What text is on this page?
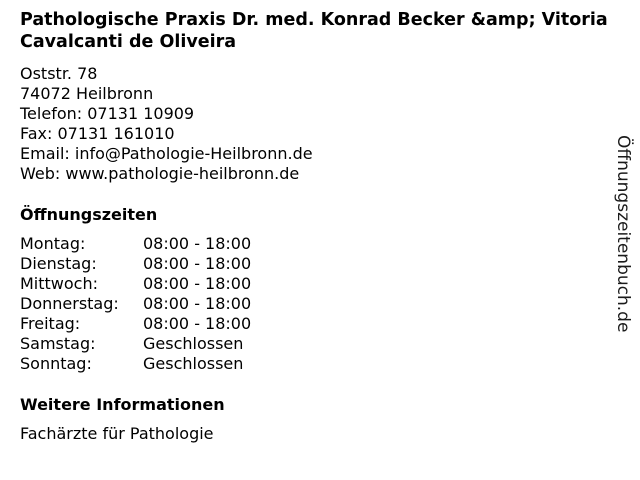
Pathologische Praxis Dr. med. Konrad Becker &amp; Vitoria Cavalcanti de Oliveira
Oststr. 78
74072 Heilbronn
Telefon: 07131 10909
Fax: 07131 161010
Email: info@Pathologie-Heilbronn.de
Web: www.pathologie-heilbronn.de
Öffnungszeiten
Montag:	08:00 - 18:00
Dienstag:	08:00 - 18:00
Mittwoch:	08:00 - 18:00
Donnerstag:	08:00 - 18:00
Freitag:	08:00 - 18:00
Samstag:	Geschlossen
Sonntag:	Geschlossen
Weitere Informationen
Fachärzte für Pathologie
Öffnungszeitenbuch.de
